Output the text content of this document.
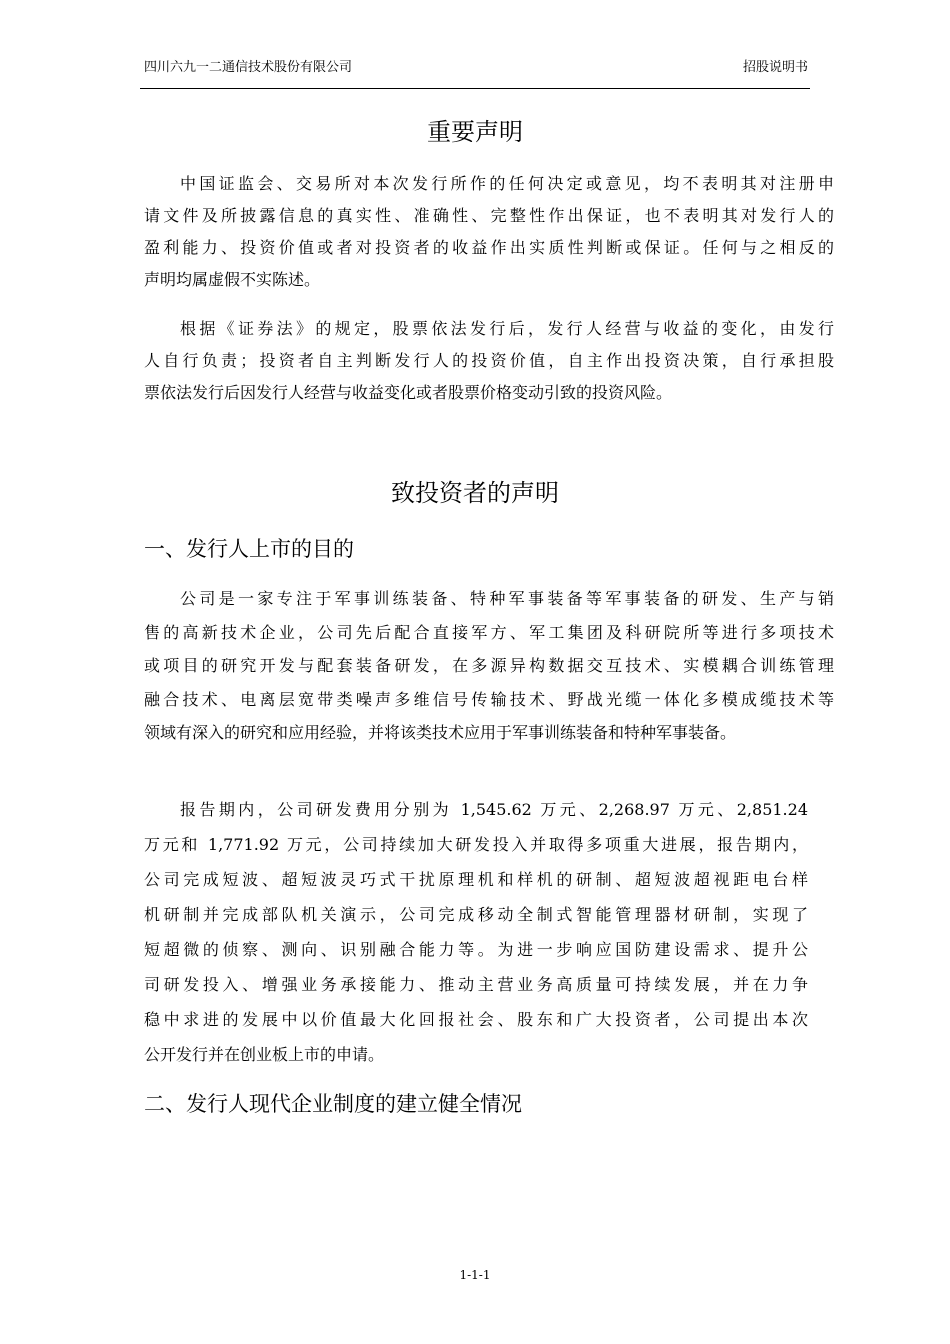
四川六九一二通信技术股份有限公司	招股说明书
重要声明
中国证监会、交易所对本次发行所作的任何决定或意见，均不表明其对注册申
请文件及所披露信息的真实性、准确性、完整性作出保证，也不表明其对发行人的
盈利能力、投资价值或者对投资者的收益作出实质性判断或保证。任何与之相反的
声明均属虚假不实陈述。
根据《证券法》的规定，股票依法发行后，发行人经营与收益的变化，由发行
人自行负责；投资者自主判断发行人的投资价值，自主作出投资决策，自行承担股
票依法发行后因发行人经营与收益变化或者股票价格变动引致的投资风险。
致投资者的声明
一、发行人上市的目的
公司是一家专注于军事训练装备、特种军事装备等军事装备的研发、生产与销
售的高新技术企业，公司先后配合直接军方、军工集团及科研院所等进行多项技术
或项目的研究开发与配套装备研发，在多源异构数据交互技术、实模耦合训练管理
融合技术、电离层宽带类噪声多维信号传输技术、野战光缆一体化多模成缆技术等
领域有深入的研究和应用经验，并将该类技术应用于军事训练装备和特种军事装备。
报告期内，公司研发费用分别为 1,545.62 万元、2,268.97 万元、2,851.24
万元和 1,771.92 万元，公司持续加大研发投入并取得多项重大进展，报告期内，
公司完成短波、超短波灵巧式干扰原理机和样机的研制、超短波超视距电台样
机研制并完成部队机关演示，公司完成移动全制式智能管理器材研制，实现了
短超微的侦察、测向、识别融合能力等。为进一步响应国防建设需求、提升公
司研发投入、增强业务承接能力、推动主营业务高质量可持续发展，并在力争
稳中求进的发展中以价值最大化回报社会、股东和广大投资者，公司提出本次
公开发行并在创业板上市的申请。
二、发行人现代企业制度的建立健全情况
1-1-1
